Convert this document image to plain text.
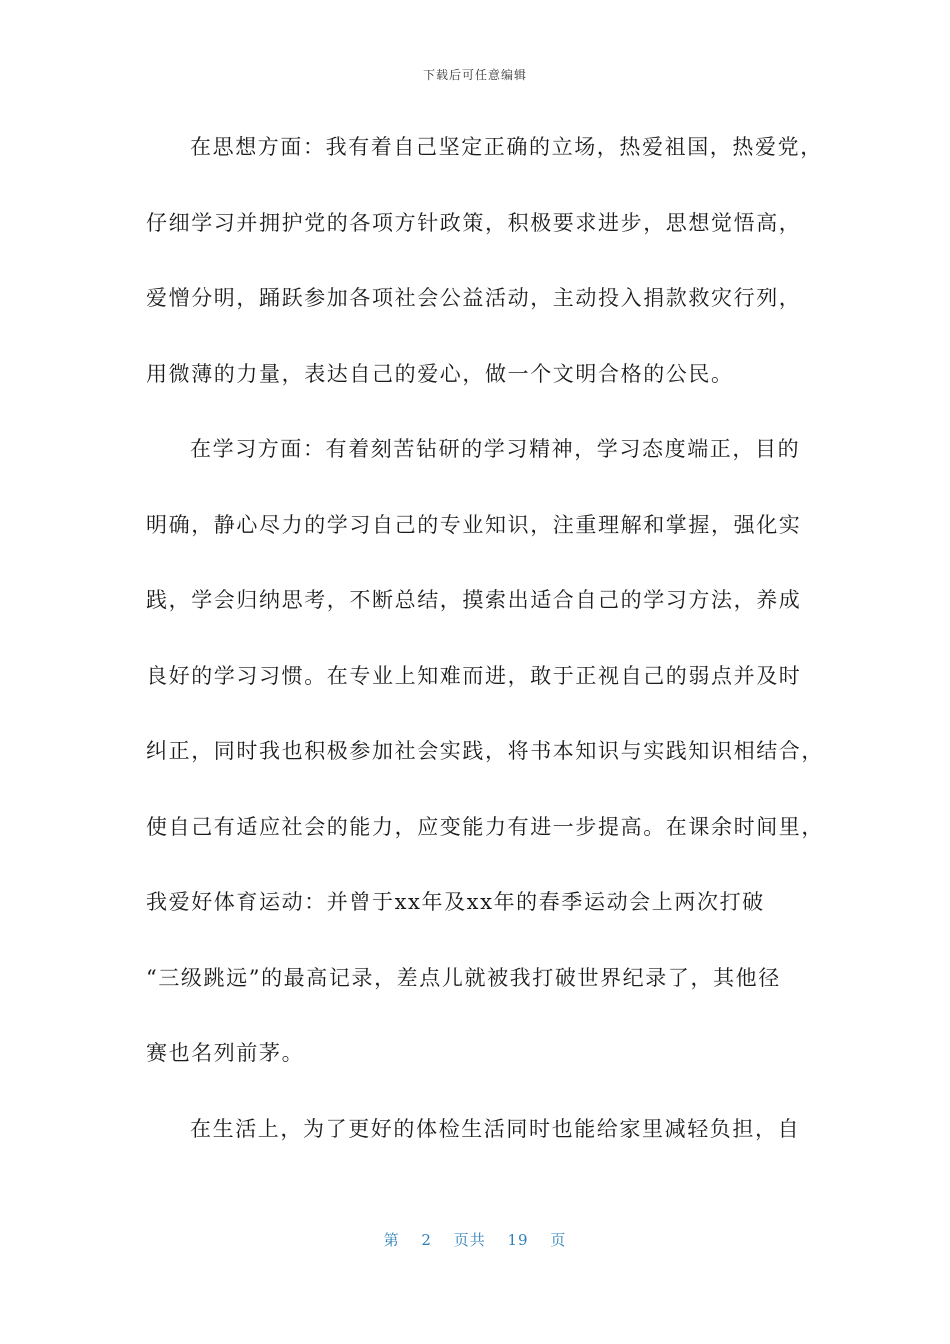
下载后可任意编辑
在思想方面：我有着自己坚定正确的立场，热爱祖国，热爱党，
仔细学习并拥护党的各项方针政策，积极要求进步，思想觉悟高，
爱憎分明，踊跃参加各项社会公益活动，主动投入捐款救灾行列，
用微薄的力量，表达自己的爱心，做一个文明合格的公民。
在学习方面：有着刻苦钻研的学习精神，学习态度端正，目的
明确，静心尽力的学习自己的专业知识，注重理解和掌握，强化实
践，学会归纳思考，不断总结，摸索出适合自己的学习方法，养成
良好的学习习惯。在专业上知难而进，敢于正视自己的弱点并及时
纠正，同时我也积极参加社会实践，将书本知识与实践知识相结合，
使自己有适应社会的能力，应变能力有进一步提高。在课余时间里，
我爱好体育运动：并曾于xx年及xx年的春季运动会上两次打破
“三级跳远”的最高记录，差点儿就被我打破世界纪录了，其他径
赛也名列前茅。
在生活上，为了更好的体检生活同时也能给家里减轻负担，自
第 2 页共 19 页
